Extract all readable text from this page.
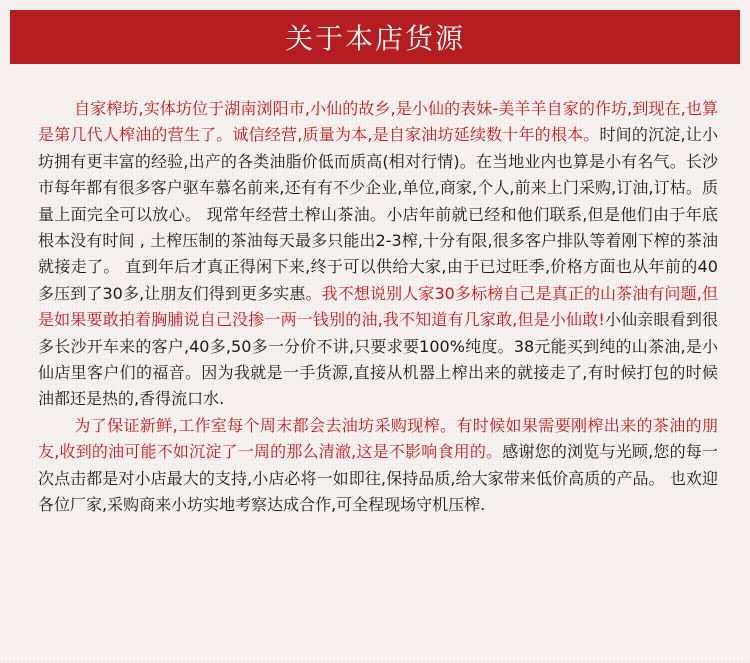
关于本店货源

自家榨坊,实体坊位于湖南浏阳市,小仙的故乡,是小仙的表妹-美羊羊自家的作坊,到现在,也算是第几代人榨油的营生了。诚信经营,质量为本,是自家油坊延续数十年的根本。时间的沉淀,让小坊拥有更丰富的经验,出产的各类油脂价低而质高(相对行情)。在当地业内也算是小有名气。长沙市每年都有很多客户驱车慕名前来,还有有不少企业,单位,商家,个人,前来上门采购,订油,订枯。质量上面完全可以放心。 现常年经营土榨山茶油。小店年前就已经和他们联系,但是他们由于年底根本没有时间 , 土榨压制的茶油每天最多只能出2-3榨,十分有限,很多客户排队等着刚下榨的茶油就接走了。 直到年后才真正得闲下来,终于可以供给大家,由于已过旺季,价格方面也从年前的40多压到了30多,让朋友们得到更多实惠。我不想说别人家30多标榜自己是真正的山茶油有问题,但是如果要敢拍着胸脯说自己没掺一两一钱别的油,我不知道有几家敢,但是小仙敢!小仙亲眼看到很多长沙开车来的客户,40多,50多一分价不讲,只要求要100%纯度。38元能买到纯的山茶油,是小仙店里客户们的福音。因为我就是一手货源,直接从机器上榨出来的就接走了,有时候打包的时候油都还是热的,香得流口水.

为了保证新鲜,工作室每个周末都会去油坊采购现榨。有时候如果需要刚榨出来的茶油的朋友,收到的油可能不如沉淀了一周的那么清澈,这是不影响食用的。感谢您的浏览与光顾,您的每一次点击都是对小店最大的支持,小店必将一如即往,保持品质,给大家带来低价高质的产品。 也欢迎各位厂家,采购商来小坊实地考察达成合作,可全程现场守机压榨.
